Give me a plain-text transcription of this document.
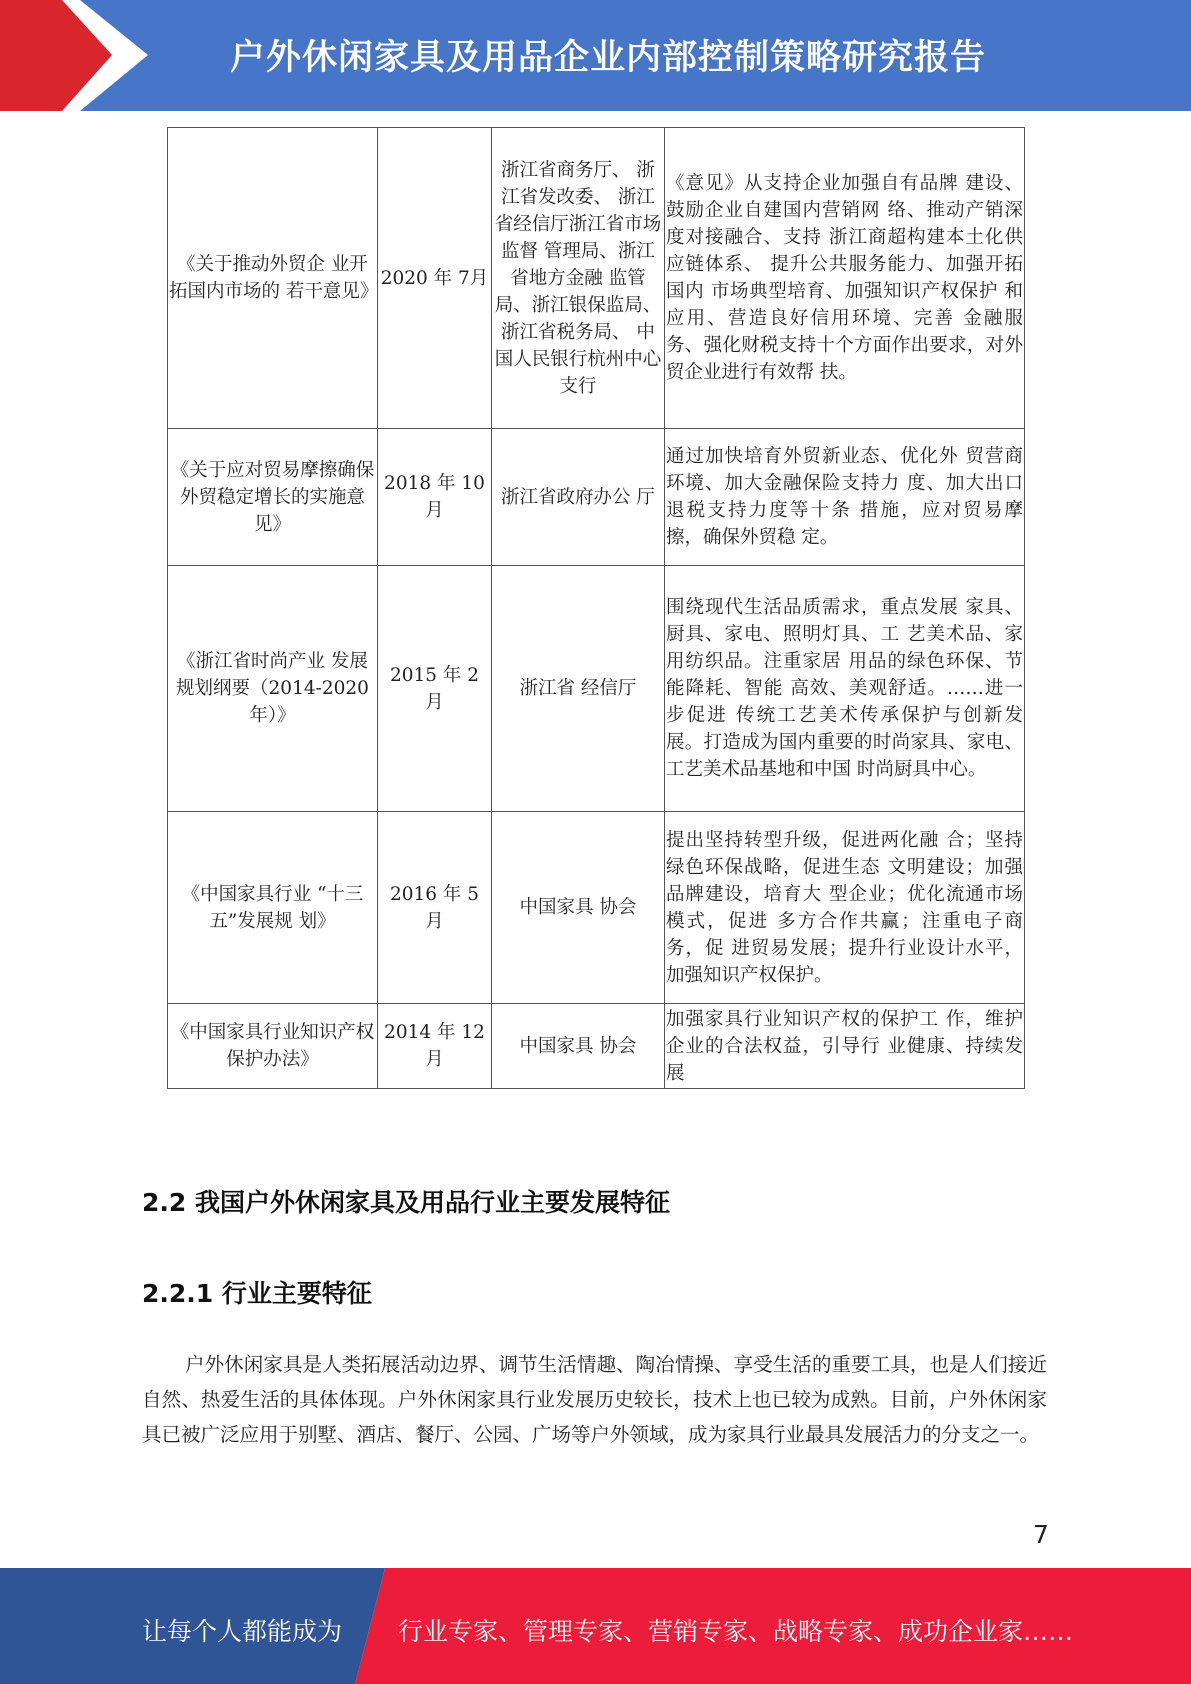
户外休闲家具及用品企业内部控制策略研究报告
《关于推动外贸企 业开拓国内市场的 若干意见》	2020 年 7月	浙江省商务厅、 浙江省发改委、 浙江省经信厅浙江省市场监督 管理局、浙江省地方金融 监管局、浙江银保监局、 浙江省税务局、 中国人民银行杭州中心支行	《意见》从支持企业加强自有品牌 建设、鼓励企业自建国内营销网 络、推动产销深度对接融合、支持 浙江商超构建本土化供应链体系、 提升公共服务能力、加强开拓国内 市场典型培育、加强知识产权保护 和应用、营造良好信用环境、完善 金融服务、强化财税支持十个方面作出要求，对外贸企业进行有效帮 扶。
《关于应对贸易摩擦确保外贸稳定增长的实施意见》	2018 年 10 月	浙江省政府办公 厅	通过加快培育外贸新业态、优化外 贸营商环境、加大金融保险支持力 度、加大出口退税支持力度等十条 措施，应对贸易摩擦，确保外贸稳 定。
《浙江省时尚产业 发展规划纲要（2014-2020 年）》	2015 年 2 月	浙江省 经信厅	围绕现代生活品质需求，重点发展 家具、厨具、家电、照明灯具、工 艺美术品、家用纺织品。注重家居 用品的绿色环保、节能降耗、智能 高效、美观舒适。……进一步促进 传统工艺美术传承保护与创新发 展。打造成为国内重要的时尚家具、家电、工艺美术品基地和中国 时尚厨具中心。
《中国家具行业 “十三五”发展规 划》	2016 年 5 月	中国家具 协会	提出坚持转型升级，促进两化融 合；坚持绿色环保战略，促进生态 文明建设；加强品牌建设，培育大 型企业；优化流通市场模式，促进 多方合作共赢；注重电子商务，促 进贸易发展；提升行业设计水平， 加强知识产权保护。
《中国家具行业知识产权保护办法》	2014 年 12 月	中国家具 协会	加强家具行业知识产权的保护工 作，维护企业的合法权益，引导行 业健康、持续发展
2.2 我国户外休闲家具及用品行业主要发展特征
2.2.1 行业主要特征

户外休闲家具是人类拓展活动边界、调节生活情趣、陶冶情操、享受生活的重要工具，也是人们接近自然、热爱生活的具体体现。户外休闲家具行业发展历史较长，技术上也已较为成熟。目前，户外休闲家具已被广泛应用于别墅、酒店、餐厅、公园、广场等户外领域，成为家具行业最具发展活力的分支之一。

7
让每个人都能成为 行业专家、管理专家、营销专家、战略专家、成功企业家……
